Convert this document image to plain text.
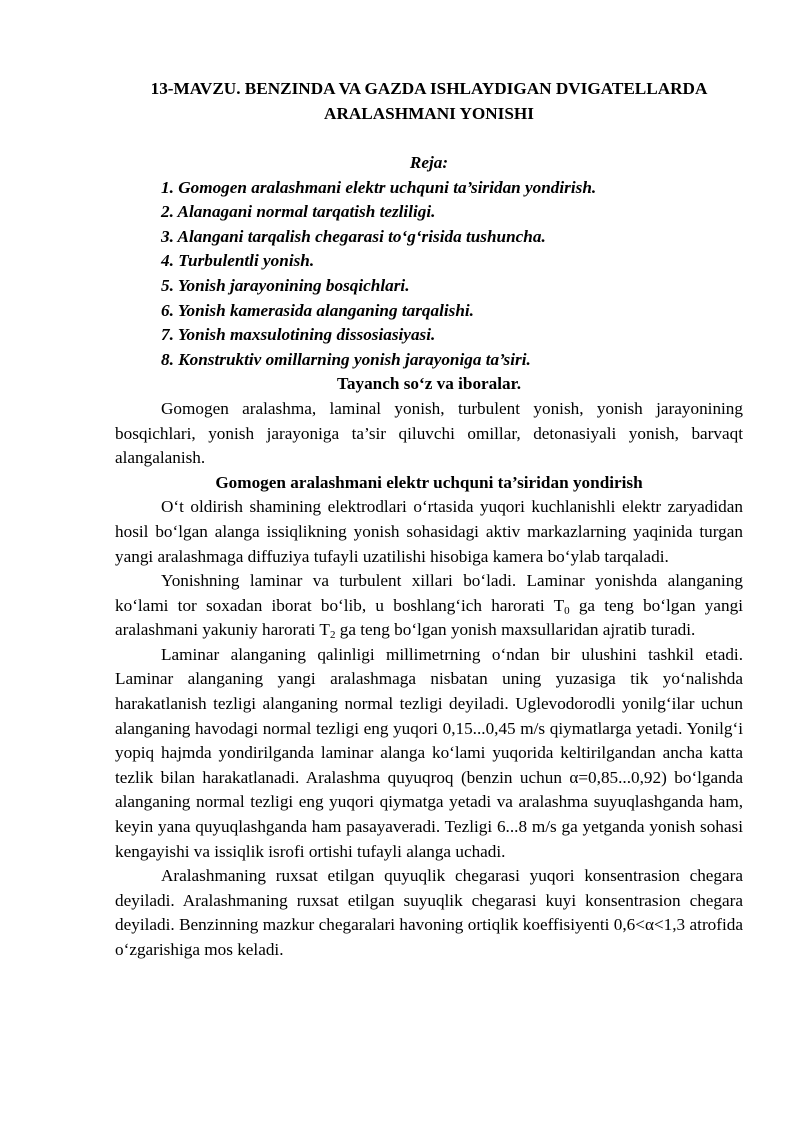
13-MAVZU. BENZINDA VA GAZDA ISHLAYDIGAN DVIGATELLARDA
ARALASHMANI YONISHI
Reja:
1. Gomogen aralashmani elektr uchquni ta’siridan yondirish.
2. Alanagani normal tarqatish tezliligi.
3. Alangani tarqalish chegarasi to‘g‘risida tushuncha.
4. Turbulentli yonish.
5. Yonish jarayonining bosqichlari.
6. Yonish kamerasida alanganing tarqalishi.
7. Yonish maxsulotining dissosiasiyasi.
8. Konstruktiv omillarning yonish jarayoniga ta’siri.
Tayanch so‘z va iboralar.

Gomogen aralashma, laminal yonish, turbulent yonish, yonish jarayonining bosqichlari, yonish jarayoniga ta’sir qiluvchi omillar, detonasiyali yonish, barvaqt alangalanish.

Gomogen aralashmani elektr uchquni ta’siridan yondirish

O‘t oldirish shamining elektrodlari o‘rtasida yuqori kuchlanishli elektr zaryadidan hosil bo‘lgan alanga issiqlikning yonish sohasidagi aktiv markazlarning yaqinida turgan yangi aralashmaga diffuziya tufayli uzatilishi hisobiga kamera bo‘ylab tarqaladi.

Yonishning laminar va turbulent xillari bo‘ladi. Laminar yonishda alanganing ko‘lami tor soxadan iborat bo‘lib, u boshlang‘ich harorati $T_0$ ga teng bo‘lgan yangi aralashmani yakuniy harorati $T_2$ ga teng bo‘lgan yonish maxsullaridan ajratib turadi.

Laminar alanganing qalinligi millimetrning o‘ndan bir ulushini tashkil etadi. Laminar alanganing yangi aralashmaga nisbatan uning yuzasiga tik yo‘nalishda harakatlanish tezligi alanganing normal tezligi deyiladi. Uglevodorodli yonilg‘ilar uchun alanganing havodagi normal tezligi eng yuqori 0,15...0,45 m/s qiymatlarga yetadi. Yonilg‘i yopiq hajmda yondirilganda laminar alanga ko‘lami yuqorida keltirilgandan ancha katta tezlik bilan harakatlanadi. Aralashma quyuqroq (benzin uchun α=0,85...0,92) bo‘lganda alanganing normal tezligi eng yuqori qiymatga yetadi va aralashma suyuqlashganda ham, keyin yana quyuqlashganda ham pasayaveradi. Tezligi 6...8 m/s ga yetganda yonish sohasi kengayishi va issiqlik isrofi ortishi tufayli alanga uchadi.

Aralashmaning ruxsat etilgan quyuqlik chegarasi yuqori konsentrasion chegara deyiladi. Aralashmaning ruxsat etilgan suyuqlik chegarasi kuyi konsentrasion chegara deyiladi. Benzinning mazkur chegaralari havoning ortiqlik koeffisiyenti 0,6<α<1,3 atrofida o‘zgarishiga mos keladi.
